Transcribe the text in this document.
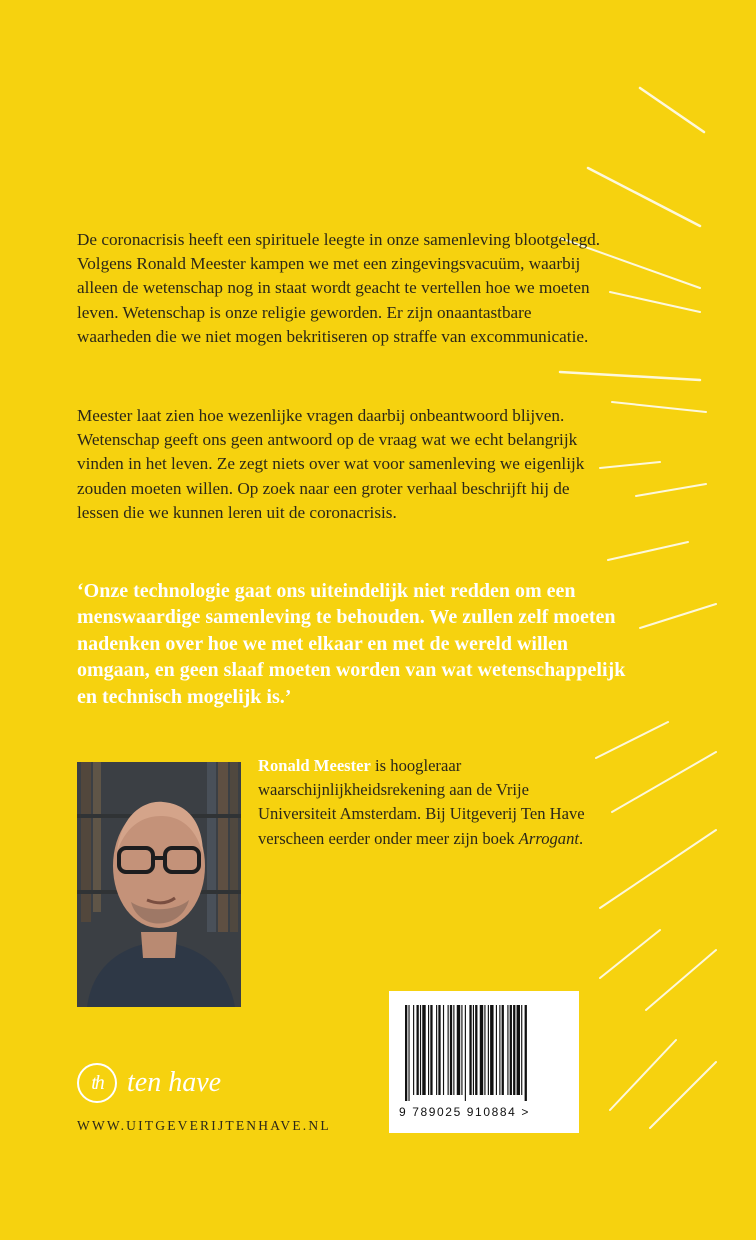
De coronacrisis heeft een spirituele leegte in onze samenleving blootgelegd. Volgens Ronald Meester kampen we met een zingevingsvacuüm, waarbij alleen de wetenschap nog in staat wordt geacht te vertellen hoe we moeten leven. Wetenschap is onze religie geworden. Er zijn onaantastbare waarheden die we niet mogen bekritiseren op straffe van excommunicatie.

Meester laat zien hoe wezenlijke vragen daarbij onbeantwoord blijven. Wetenschap geeft ons geen antwoord op de vraag wat we echt belangrijk vinden in het leven. Ze zegt niets over wat voor samenleving we eigenlijk zouden moeten willen. Op zoek naar een groter verhaal beschrijft hij de lessen die we kunnen leren uit de coronacrisis.

‘Onze technologie gaat ons uiteindelijk niet redden om een menswaardige samenleving te behouden. We zullen zelf moeten nadenken over hoe we met elkaar en met de wereld willen omgaan, en geen slaaf moeten worden van wat wetenschappelijk en technisch mogelijk is.’

Ronald Meester is hoogleraar waarschijnlijkheidsrekening aan de Vrije Universiteit Amsterdam. Bij Uitgeverij Ten Have verscheen eerder onder meer zijn boek Arrogant.

th ten have
WWW.UITGEVERIJTENHAVE.NL
9 789025 910884 >
